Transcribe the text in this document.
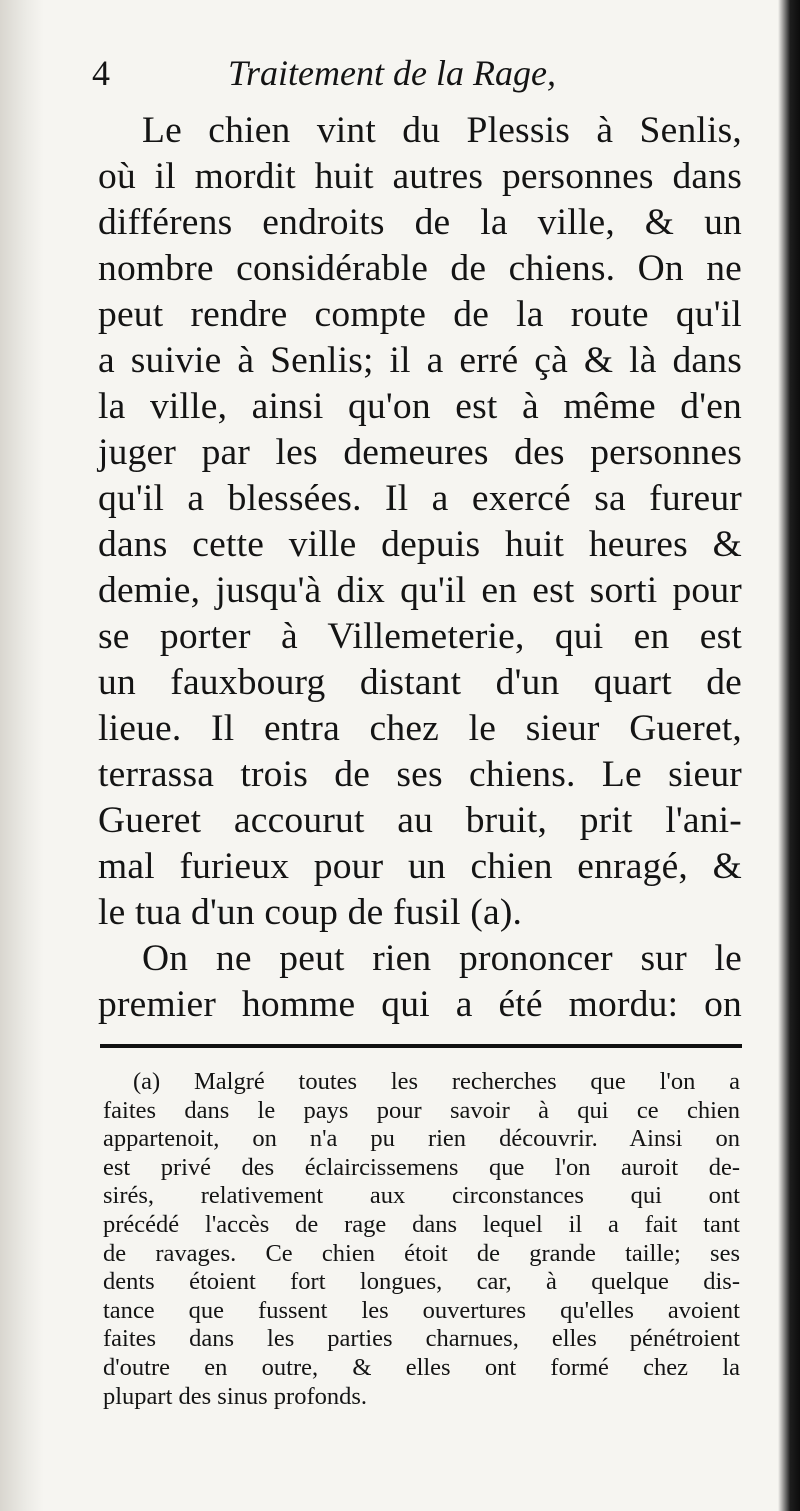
4	Traitement de la Rage,
Le chien vint du Plessis à Senlis,
où il mordit huit autres personnes dans
différens endroits de la ville, & un
nombre considérable de chiens. On ne
peut rendre compte de la route qu'il
a suivie à Senlis; il a erré çà & là dans
la ville, ainsi qu'on est à même d'en
juger par les demeures des personnes
qu'il a blessées. Il a exercé sa fureur
dans cette ville depuis huit heures &
demie, jusqu'à dix qu'il en est sorti pour
se porter à Villemeterie, qui en est
un fauxbourg distant d'un quart de
lieue. Il entra chez le sieur Gueret,
terrassa trois de ses chiens. Le sieur
Gueret accourut au bruit, prit l'ani-
mal furieux pour un chien enragé, &
le tua d'un coup de fusil (a).
On ne peut rien prononcer sur le
premier homme qui a été mordu: on
(a) Malgré toutes les recherches que l'on a
faites dans le pays pour savoir à qui ce chien
appartenoit, on n'a pu rien découvrir. Ainsi on
est privé des éclaircissemens que l'on auroit de-
sirés, relativement aux circonstances qui ont
précédé l'accès de rage dans lequel il a fait tant
de ravages. Ce chien étoit de grande taille; ses
dents étoient fort longues, car, à quelque dis-
tance que fussent les ouvertures qu'elles avoient
faites dans les parties charnues, elles pénétroient
d'outre en outre, & elles ont formé chez la
plupart des sinus profonds.
